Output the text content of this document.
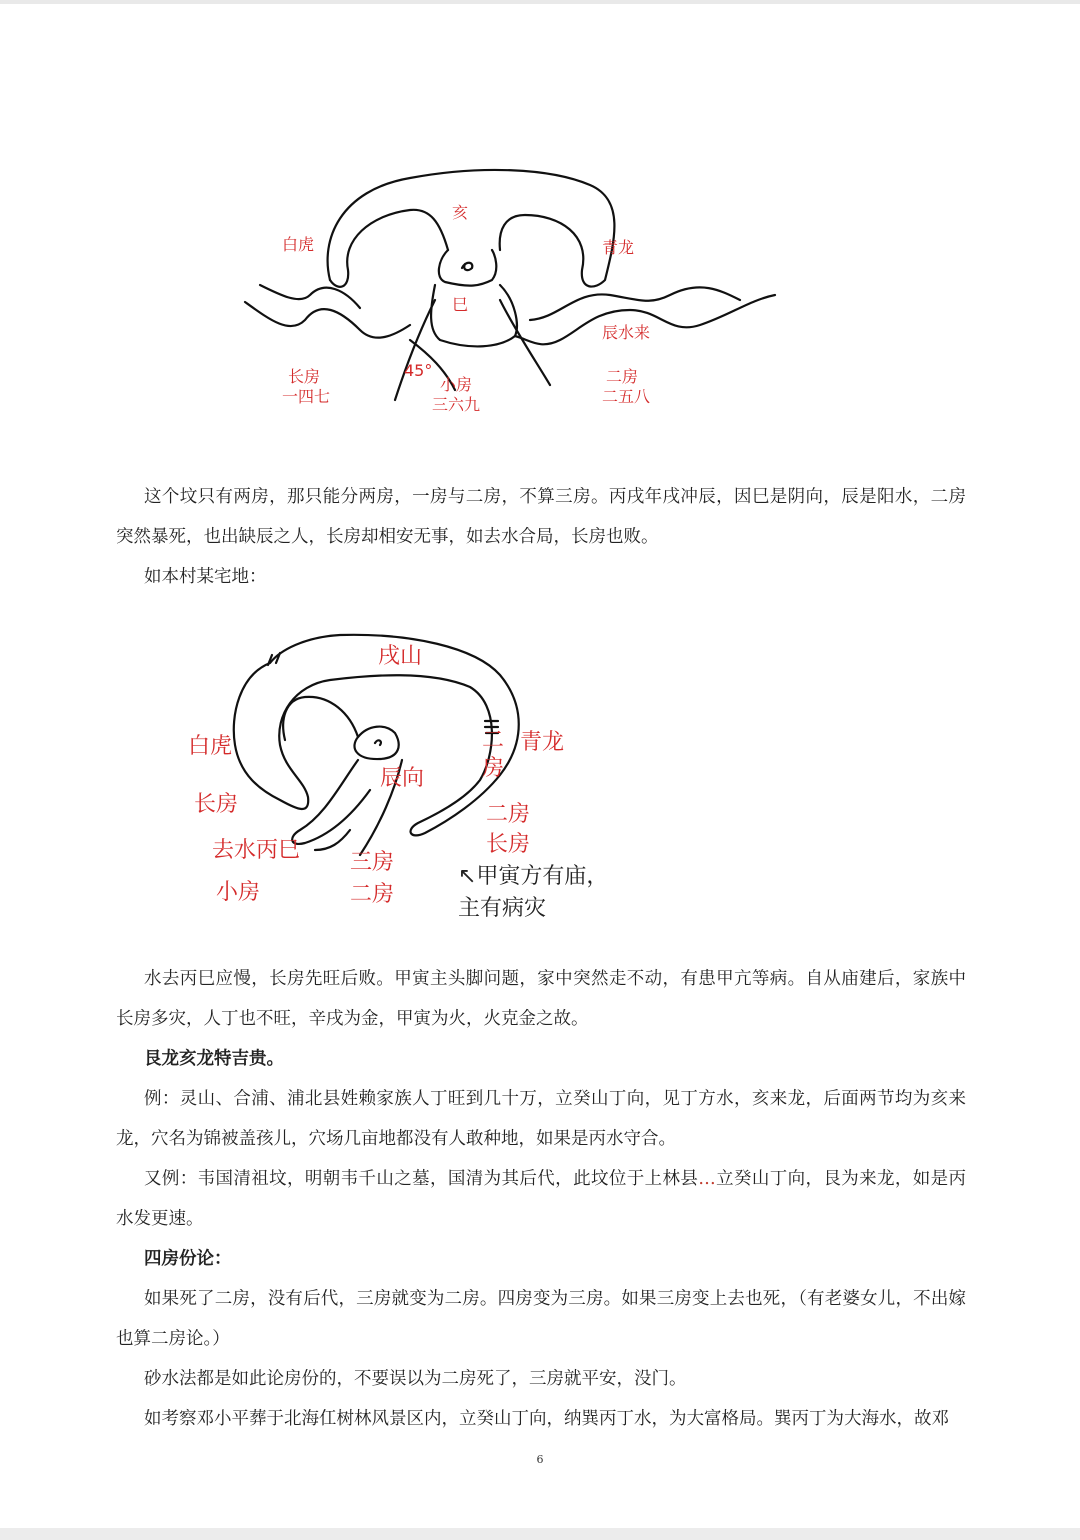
亥
白虎	青龙
巳
辰水来
长房
一四七
45°
小房
三六九
二房
二五八

这个坟只有两房，那只能分两房，一房与二房，不算三房。丙戌年戌冲辰，因巳是阴向，辰是阳水，二房突然暴死，也出缺辰之人，长房却相安无事，如去水合局，长房也败。

如本村某宅地：

戌山
白虎	二
房
青龙
辰向
长房	二房
长房
去水丙巳 三房
二房
小房
↖甲寅方有庙，
主有病灾

水去丙巳应慢，长房先旺后败。甲寅主头脚问题，家中突然走不动，有患甲亢等病。自从庙建后，家族中长房多灾，人丁也不旺，辛戌为金，甲寅为火，火克金之故。

艮龙亥龙特吉贵。

例：灵山、合浦、浦北县姓赖家族人丁旺到几十万，立癸山丁向，见丁方水，亥来龙，后面两节均为亥来龙，穴名为锦被盖孩儿，穴场几亩地都没有人敢种地，如果是丙水守合。

又例：韦国清祖坟，明朝韦千山之墓，国清为其后代，此坟位于上林县…立癸山丁向，艮为来龙，如是丙水发更速。

四房份论：

如果死了二房，没有后代，三房就变为二房。四房变为三房。如果三房变上去也死，（有老婆女儿，不出嫁也算二房论。）

砂水法都是如此论房份的，不要误以为二房死了，三房就平安，没门。

如考察邓小平葬于北海仜树林风景区内，立癸山丁向，纳巽丙丁水，为大富格局。巽丙丁为大海水，故邓

6
